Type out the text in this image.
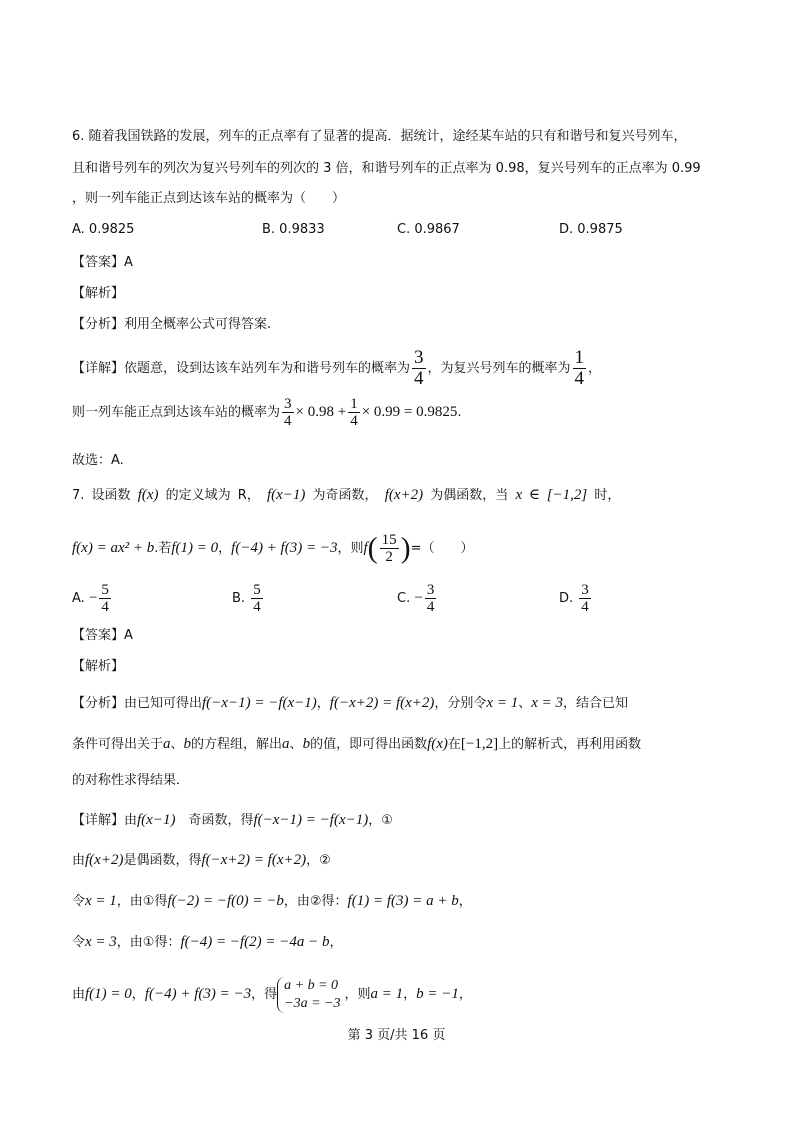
6. 随着我国铁路的发展，列车的正点率有了显著的提高．据统计，途经某车站的只有和谐号和复兴号列车，
且和谐号列车的列次为复兴号列车的列次的 3 倍，和谐号列车的正点率为 0.98，复兴号列车的正点率为 0.99
，则一列车能正点到达该车站的概率为（　　）
A. 0.9825	B. 0.9833	C. 0.9867	D. 0.9875
【答案】A
【解析】
【分析】利用全概率公式可得答案.
【详解】依题意，设到达该车站列车为和谐号列车的概率为 $\frac{3}{4}$ ，为复兴号列车的概率为 $\frac{1}{4}$ ，
则一列车能正点到达该车站的概率为 $\frac{3}{4} \times 0.98 + \frac{1}{4} \times 0.99 = 0.9825$.
故选：A.
7. 设函数 f(x) 的定义域为 R， f(x−1) 为奇函数， f(x+2) 为偶函数，当 x ∈ [−1,2] 时，
f(x) = ax² + b.若f(1) = 0，f(−4) + f(3) = −3，则$f( \frac{15}{2}$ )=（　　）
A. − $\frac{5}{4}$	B. $\frac{5}{4}$	C. − $\frac{3}{4}$	D. $\frac{3}{4}$
【答案】A
【解析】
【分析】由已知可得出f(−x−1) = −f(x−1)，f(−x+2) = f(x+2)，分别令x = 1、x = 3，结合已知
条件可得出关于a、b的方程组，解出a、b的值，即可得出函数f(x)在[−1,2]上的解析式，再利用函数
的对称性求得结果．
【详解】由f(x−1)　 奇函数，得f(−x−1) = −f(x−1)，①
由f(x+2)是偶函数，得f(−x+2) = f(x+2)，②
令x = 1，由①得f(−2) = −f(0) = −b，由②得：f(1) = f(3) = a + b，
令x = 3，由①得：f(−4) = −f(2) = −4a − b，
由f(1) = 0，f(−4) + f(3) = −3，得
a + b = 0
−3a = −3
，则a = 1，b = −1，
第 3 页/共 16 页
